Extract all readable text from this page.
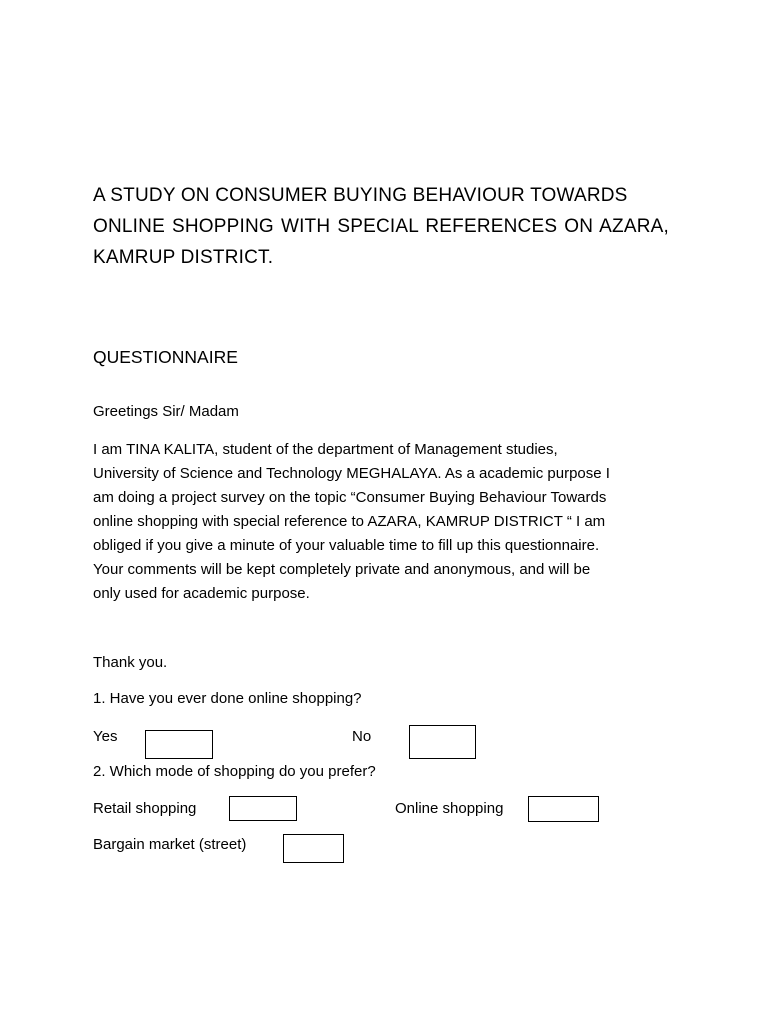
A STUDY ON CONSUMER BUYING BEHAVIOUR TOWARDS
ONLINE SHOPPING WITH SPECIAL REFERENCES ON AZARA,
KAMRUP DISTRICT.
QUESTIONNAIRE

Greetings Sir/ Madam

I am TINA KALITA, student of the department of Management studies,
University of Science and Technology MEGHALAYA. As a academic purpose I
am doing a project survey on the topic “Consumer Buying Behaviour Towards
online shopping with special reference to AZARA, KAMRUP DISTRICT “ I am
obliged if you give a minute of your valuable time to fill up this questionnaire.
Your comments will be kept completely private and anonymous, and will be
only used for academic purpose.

Thank you.

1. Have you ever done online shopping?

Yes	No

2. Which mode of shopping do you prefer?

Retail shopping	Online shopping
Bargain market (street)
